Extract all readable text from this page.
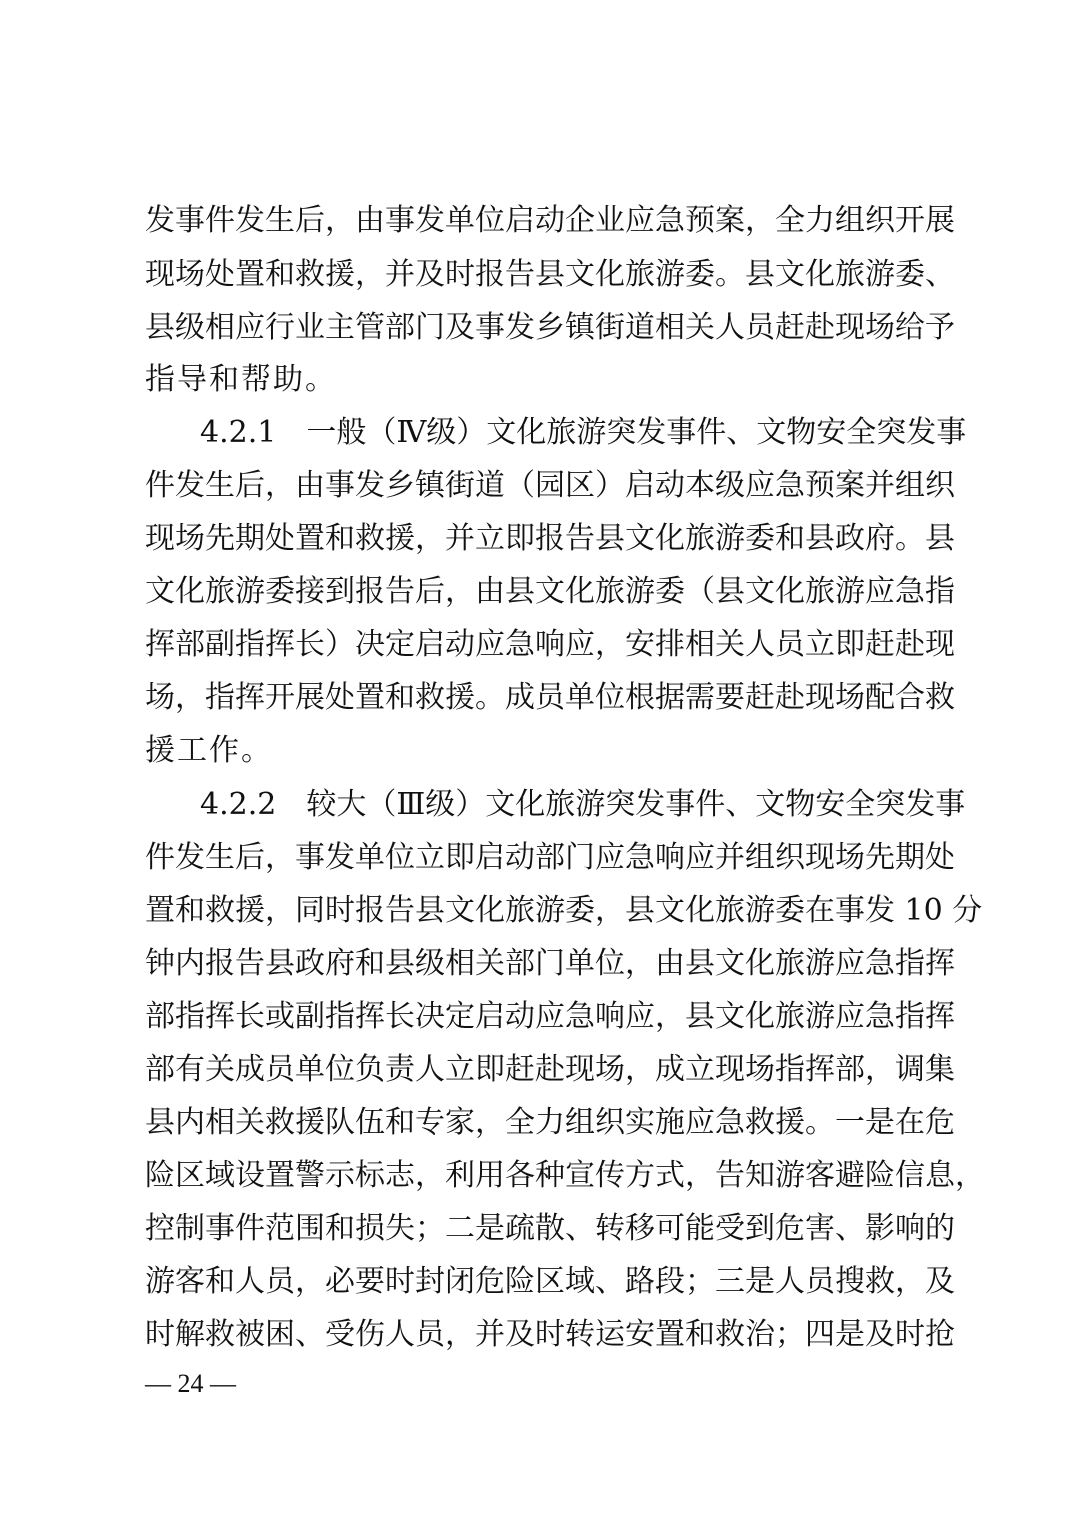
发事件发生后，由事发单位启动企业应急预案，全力组织开展
现场处置和救援，并及时报告县文化旅游委。县文化旅游委、
县级相应行业主管部门及事发乡镇街道相关人员赶赴现场给予
指导和帮助。
4.2.1　一般（Ⅳ级）文化旅游突发事件、文物安全突发事
件发生后，由事发乡镇街道（园区）启动本级应急预案并组织
现场先期处置和救援，并立即报告县文化旅游委和县政府。县
文化旅游委接到报告后，由县文化旅游委（县文化旅游应急指
挥部副指挥长）决定启动应急响应，安排相关人员立即赶赴现
场，指挥开展处置和救援。成员单位根据需要赶赴现场配合救
援工作。
4.2.2　较大（Ⅲ级）文化旅游突发事件、文物安全突发事
件发生后，事发单位立即启动部门应急响应并组织现场先期处
置和救援，同时报告县文化旅游委，县文化旅游委在事发 10 分
钟内报告县政府和县级相关部门单位，由县文化旅游应急指挥
部指挥长或副指挥长决定启动应急响应，县文化旅游应急指挥
部有关成员单位负责人立即赶赴现场，成立现场指挥部，调集
县内相关救援队伍和专家，全力组织实施应急救援。一是在危
险区域设置警示标志，利用各种宣传方式，告知游客避险信息，
控制事件范围和损失；二是疏散、转移可能受到危害、影响的
游客和人员，必要时封闭危险区域、路段；三是人员搜救，及
时解救被困、受伤人员，并及时转运安置和救治；四是及时抢
— 24 —
